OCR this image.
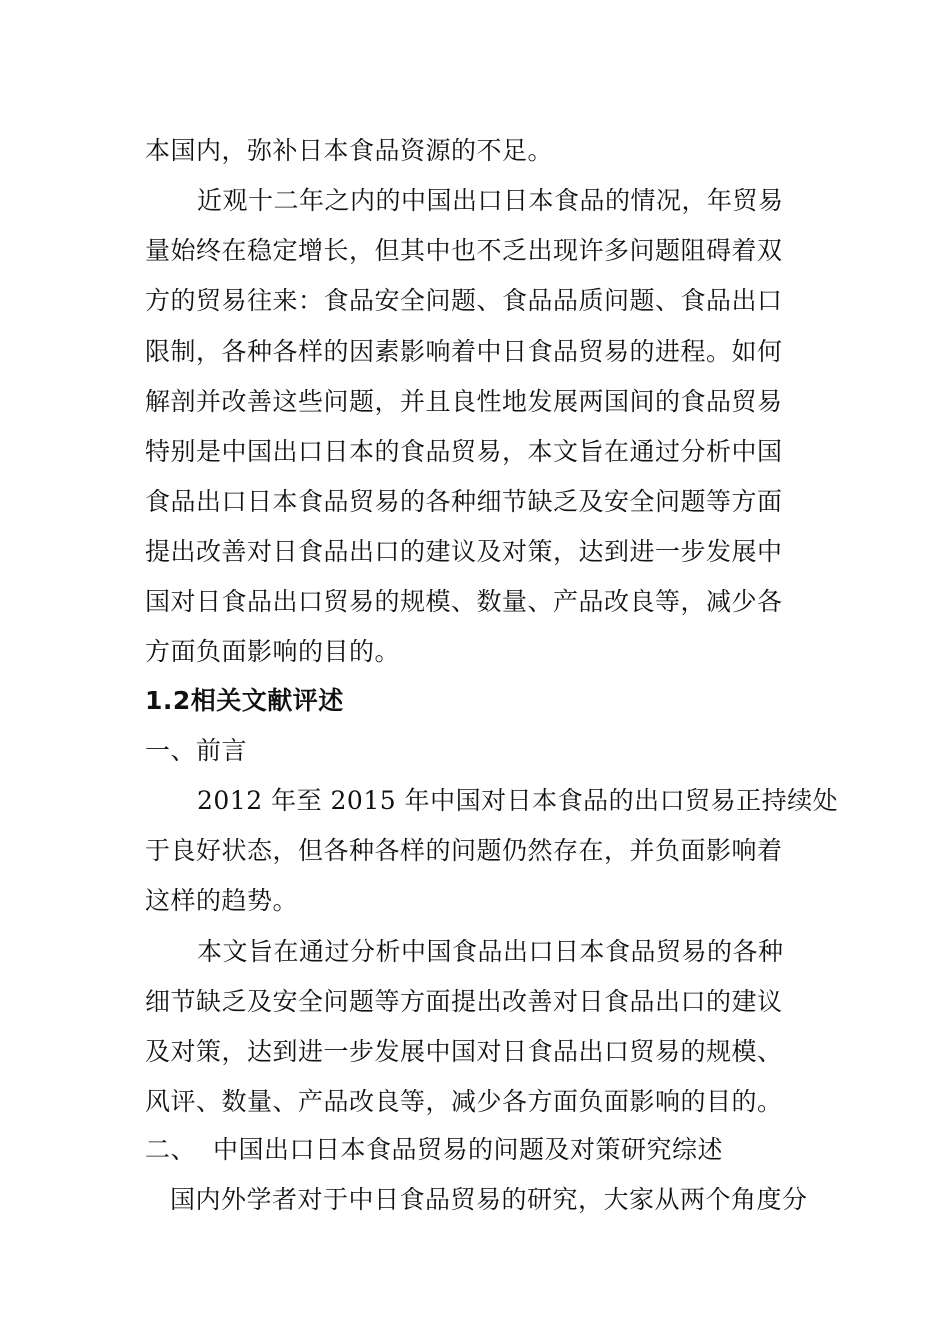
本国内，弥补日本食品资源的不足。
近观十二年之内的中国出口日本食品的情况，年贸易
量始终在稳定增长，但其中也不乏出现许多问题阻碍着双
方的贸易往来：食品安全问题、食品品质问题、食品出口
限制，各种各样的因素影响着中日食品贸易的进程。如何
解剖并改善这些问题，并且良性地发展两国间的食品贸易
特别是中国出口日本的食品贸易，本文旨在通过分析中国
食品出口日本食品贸易的各种细节缺乏及安全问题等方面
提出改善对日食品出口的建议及对策，达到进一步发展中
国对日食品出口贸易的规模、数量、产品改良等，减少各
方面负面影响的目的。
1.2相关文献评述
一、前言
2012 年至 2015 年中国对日本食品的出口贸易正持续处
于良好状态，但各种各样的问题仍然存在，并负面影响着
这样的趋势。
本文旨在通过分析中国食品出口日本食品贸易的各种
细节缺乏及安全问题等方面提出改善对日食品出口的建议
及对策，达到进一步发展中国对日食品出口贸易的规模、
风评、数量、产品改良等，减少各方面负面影响的目的。
二、 中国出口日本食品贸易的问题及对策研究综述
国内外学者对于中日食品贸易的研究，大家从两个角度分
